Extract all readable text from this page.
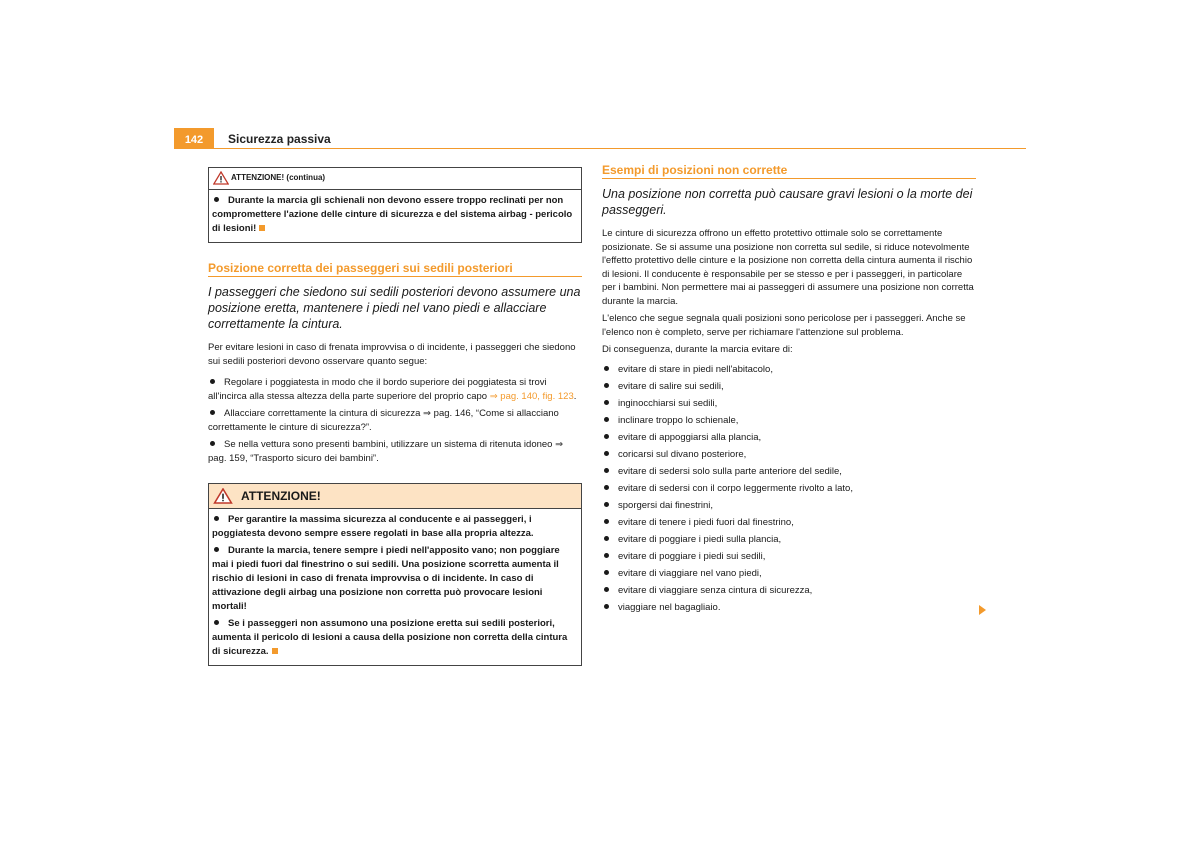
142	Sicurezza passiva
ATTENZIONE! (continua)

Durante la marcia gli schienali non devono essere troppo reclinati per non compromettere l'azione delle cinture di sicurezza e del sistema airbag - pericolo di lesioni!

Posizione corretta dei passeggeri sui sedili posteriori
I passeggeri che siedono sui sedili posteriori devono assumere una posizione eretta, mantenere i piedi nel vano piedi e allacciare correttamente la cintura.

Per evitare lesioni in caso di frenata improvvisa o di incidente, i passeggeri che siedono sui sedili posteriori devono osservare quanto segue:

Regolare i poggiatesta in modo che il bordo superiore dei poggiatesta si trovi all'incirca alla stessa altezza della parte superiore del proprio capo ⇒ pag. 140, fig. 123.

Allacciare correttamente la cintura di sicurezza ⇒ pag. 146, “Come si allacciano correttamente le cinture di sicurezza?”.

Se nella vettura sono presenti bambini, utilizzare un sistema di ritenuta idoneo ⇒ pag. 159, “Trasporto sicuro dei bambini”.

ATTENZIONE!

Per garantire la massima sicurezza al conducente e ai passeggeri, i poggiatesta devono sempre essere regolati in base alla propria altezza.

Durante la marcia, tenere sempre i piedi nell'apposito vano; non poggiare mai i piedi fuori dal finestrino o sui sedili. Una posizione scorretta aumenta il rischio di lesioni in caso di frenata improvvisa o di incidente. In caso di attivazione degli airbag una posizione non corretta può provocare lesioni mortali!

Se i passeggeri non assumono una posizione eretta sui sedili posteriori, aumenta il pericolo di lesioni a causa della posizione non corretta della cintura di sicurezza.

Esempi di posizioni non corrette
Una posizione non corretta può causare gravi lesioni o la morte dei passeggeri.

Le cinture di sicurezza offrono un effetto protettivo ottimale solo se correttamente posizionate. Se si assume una posizione non corretta sul sedile, si riduce notevolmente l'effetto protettivo delle cinture e la posizione non corretta della cintura aumenta il rischio di lesioni. Il conducente è responsabile per se stesso e per i passeggeri, in particolare per i bambini. Non permettere mai ai passeggeri di assumere una posizione non corretta durante la marcia.

L'elenco che segue segnala quali posizioni sono pericolose per i passeggeri. Anche se l'elenco non è completo, serve per richiamare l'attenzione sul problema.

Di conseguenza, durante la marcia evitare di:

evitare di stare in piedi nell'abitacolo,
evitare di salire sui sedili,
inginocchiarsi sui sedili,
inclinare troppo lo schienale,
evitare di appoggiarsi alla plancia,
coricarsi sul divano posteriore,
evitare di sedersi solo sulla parte anteriore del sedile,
evitare di sedersi con il corpo leggermente rivolto a lato,
sporgersi dai finestrini,
evitare di tenere i piedi fuori dal finestrino,
evitare di poggiare i piedi sulla plancia,
evitare di poggiare i piedi sui sedili,
evitare di viaggiare nel vano piedi,
evitare di viaggiare senza cintura di sicurezza,
viaggiare nel bagagliaio.
